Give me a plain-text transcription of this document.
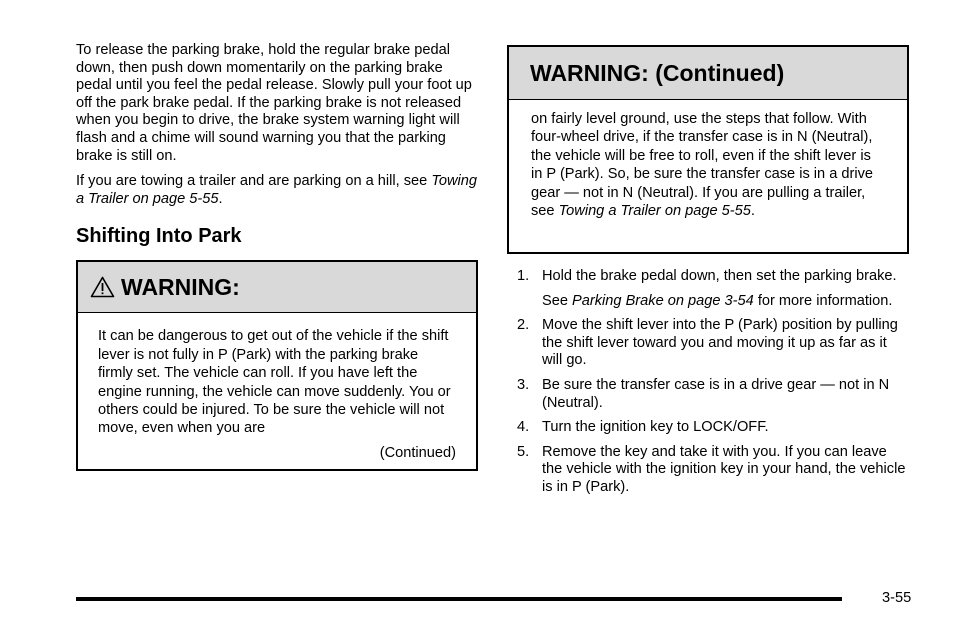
To release the parking brake, hold the regular brake pedal down, then push down momentarily on the parking brake pedal until you feel the pedal release. Slowly pull your foot up off the park brake pedal. If the parking brake is not released when you begin to drive, the brake system warning light will flash and a chime will sound warning you that the parking brake is still on.

If you are towing a trailer and are parking on a hill, see Towing a Trailer on page 5-55.

Shifting Into Park
WARNING:

It can be dangerous to get out of the vehicle if the shift lever is not fully in P (Park) with the parking brake firmly set. The vehicle can roll. If you have left the engine running, the vehicle can move suddenly. You or others could be injured. To be sure the vehicle will not move, even when you are

(Continued)
WARNING: (Continued)

on fairly level ground, use the steps that follow. With four-wheel drive, if the transfer case is in N (Neutral), the vehicle will be free to roll, even if the shift lever is in P (Park). So, be sure the transfer case is in a drive gear — not in N (Neutral). If you are pulling a trailer, see Towing a Trailer on page 5-55.

1. Hold the brake pedal down, then set the parking brake.

See Parking Brake on page 3-54 for more information.

2. Move the shift lever into the P (Park) position by pulling the shift lever toward you and moving it up as far as it will go.
3. Be sure the transfer case is in a drive gear — not in N (Neutral).
4. Turn the ignition key to LOCK/OFF.
5. Remove the key and take it with you. If you can leave the vehicle with the ignition key in your hand, the vehicle is in P (Park).
3-55
